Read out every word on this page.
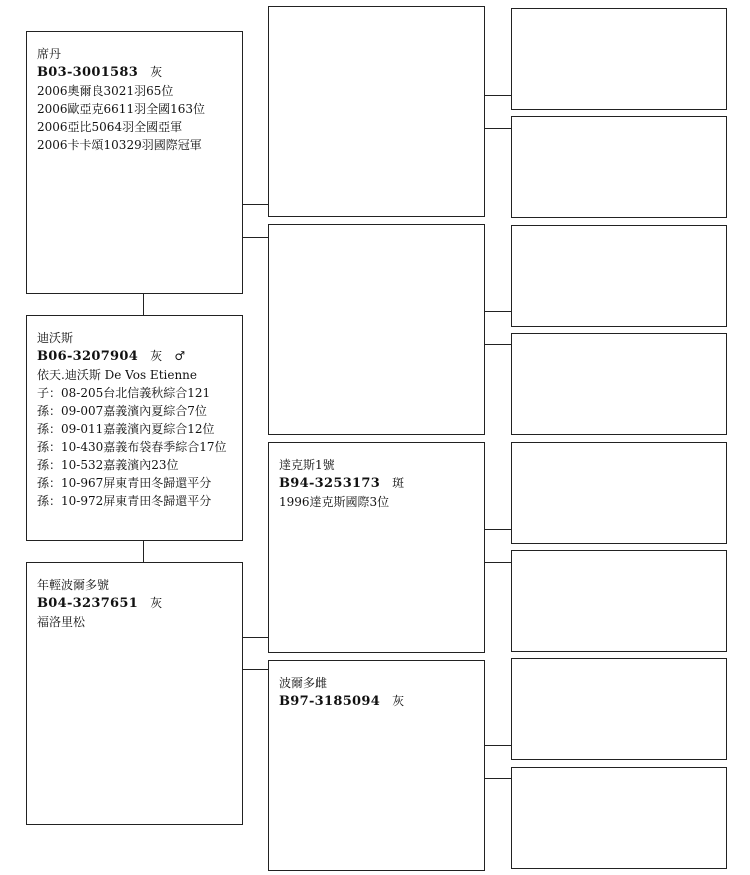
席丹
B03-3001583 灰
2006奧爾良3021羽65位
2006歐亞克6611羽全國163位
2006亞比5064羽全國亞軍
2006卡卡頌10329羽國際冠軍
迪沃斯
B06-3207904 灰 ♂
依天.迪沃斯 De Vos Etienne
子：08-205台北信義秋綜合121
孫：09-007嘉義濱內夏綜合7位
孫：09-011嘉義濱內夏綜合12位
孫：10-430嘉義布袋春季綜合17位
孫：10-532嘉義濱內23位
孫：10-967屏東青田冬歸還平分
孫：10-972屏東青田冬歸還平分
年輕波爾多號
B04-3237651 灰
福洛里松
達克斯1號
B94-3253173 斑
1996達克斯國際3位
波爾多雌
B97-3185094 灰
